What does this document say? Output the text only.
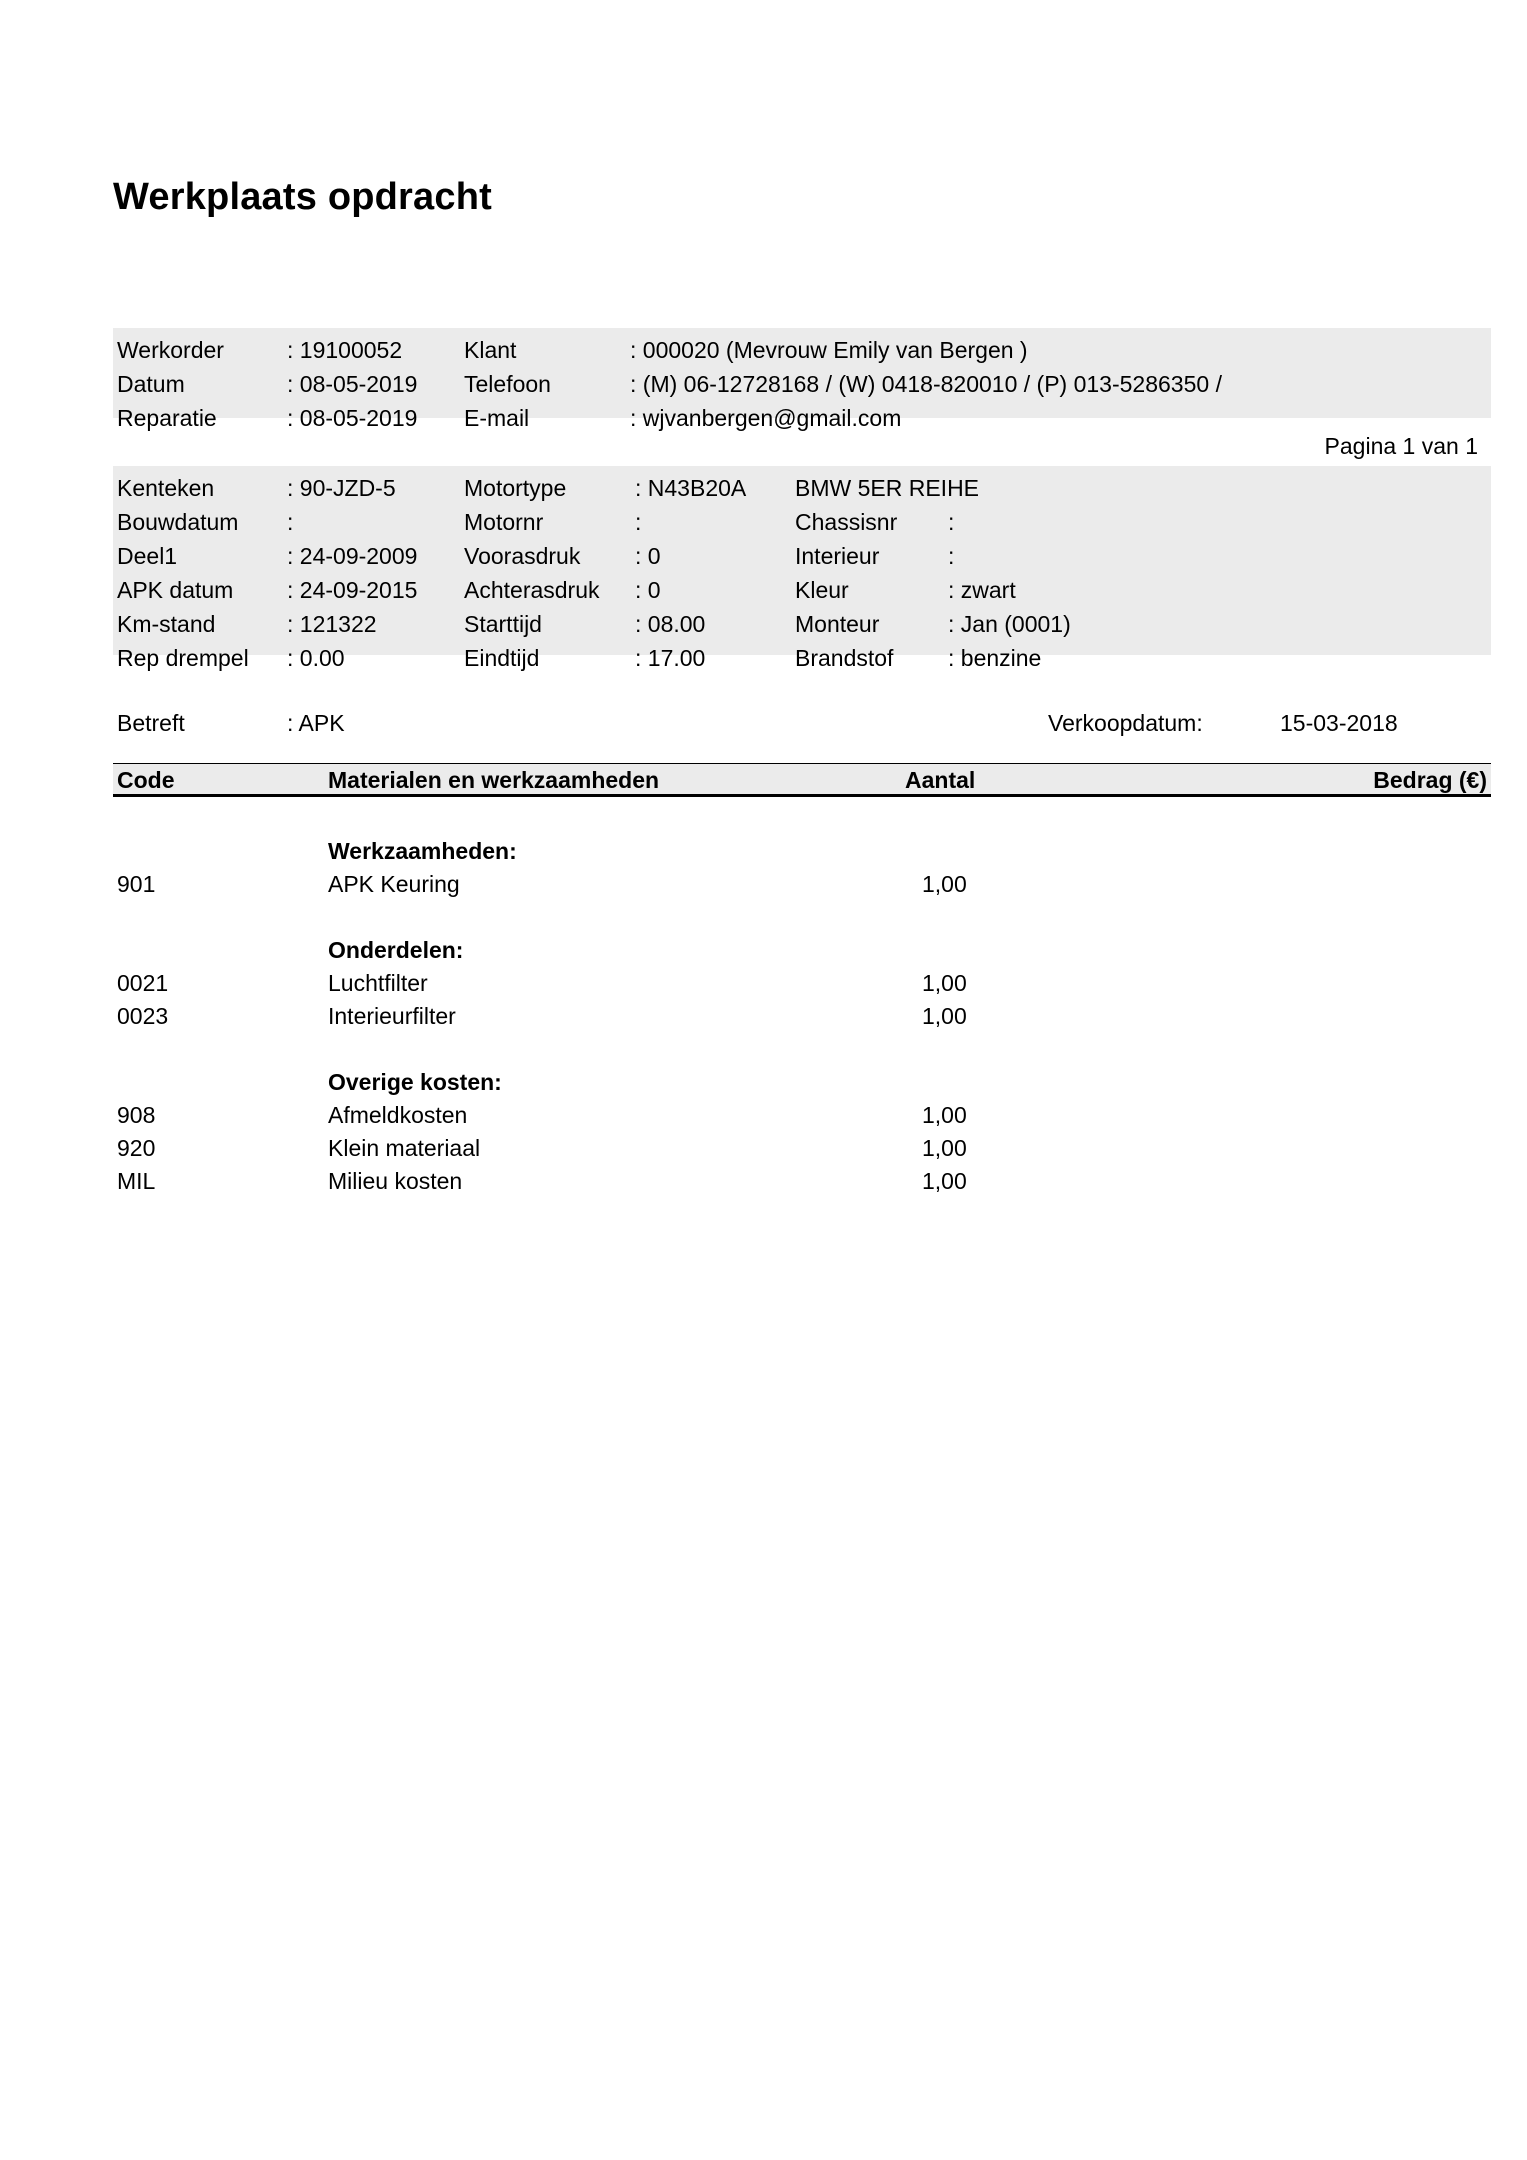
Werkplaats opdracht
Werkorder	: 19100052	Klant	: 000020 (Mevrouw Emily van Bergen )
Datum	: 08-05-2019 Telefoon	: (M) 06-12728168 / (W) 0418-820010 / (P) 013-5286350 /
Reparatie	: 08-05-2019 E-mail	: wjvanbergen@gmail.com
Pagina 1 van 1
Kenteken	: 90-JZD-5	Motortype	: N43B20A BMW 5ER REIHE
Bouwdatum :	Motornr	:	Chassisnr :
Deel1	: 24-09-2009 Voorasdruk : 0	Interieur	:
APK datum : 24-09-2015 Achterasdruk : 0	Kleur	: zwart
Km-stand	: 121322	Starttijd	: 08.00	Monteur	: Jan (0001)
Rep drempel : 0.00	Eindtijd	: 17.00	Brandstof : benzine
Betreft	: APK	Verkoopdatum:	15-03-2018
Code	Materialen en werkzaamheden	Aantal	Bedrag (€)
Werkzaamheden:
901	APK Keuring	1,00
Onderdelen:
0021	Luchtfilter	1,00
0023	Interieurfilter	1,00
Overige kosten:
908	Afmeldkosten	1,00
920	Klein materiaal	1,00
MIL	Milieu kosten	1,00
